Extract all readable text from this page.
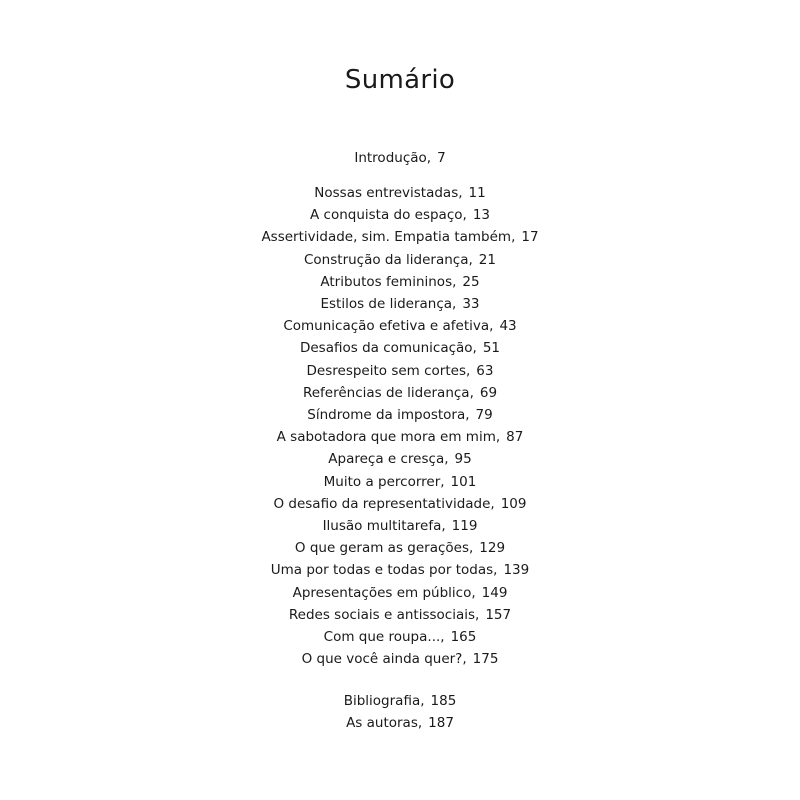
Sumário
Introdução, 7
Nossas entrevistadas, 11
A conquista do espaço, 13
Assertividade, sim. Empatia também, 17
Construção da liderança, 21
Atributos femininos, 25
Estilos de liderança, 33
Comunicação efetiva e afetiva, 43
Desafios da comunicação, 51
Desrespeito sem cortes, 63
Referências de liderança, 69
Síndrome da impostora, 79
A sabotadora que mora em mim, 87
Apareça e cresça, 95
Muito a percorrer, 101
O desafio da representatividade, 109
Ilusão multitarefa, 119
O que geram as gerações, 129
Uma por todas e todas por todas, 139
Apresentações em público, 149
Redes sociais e antissociais, 157
Com que roupa..., 165
O que você ainda quer?, 175
Bibliografia, 185
As autoras, 187
